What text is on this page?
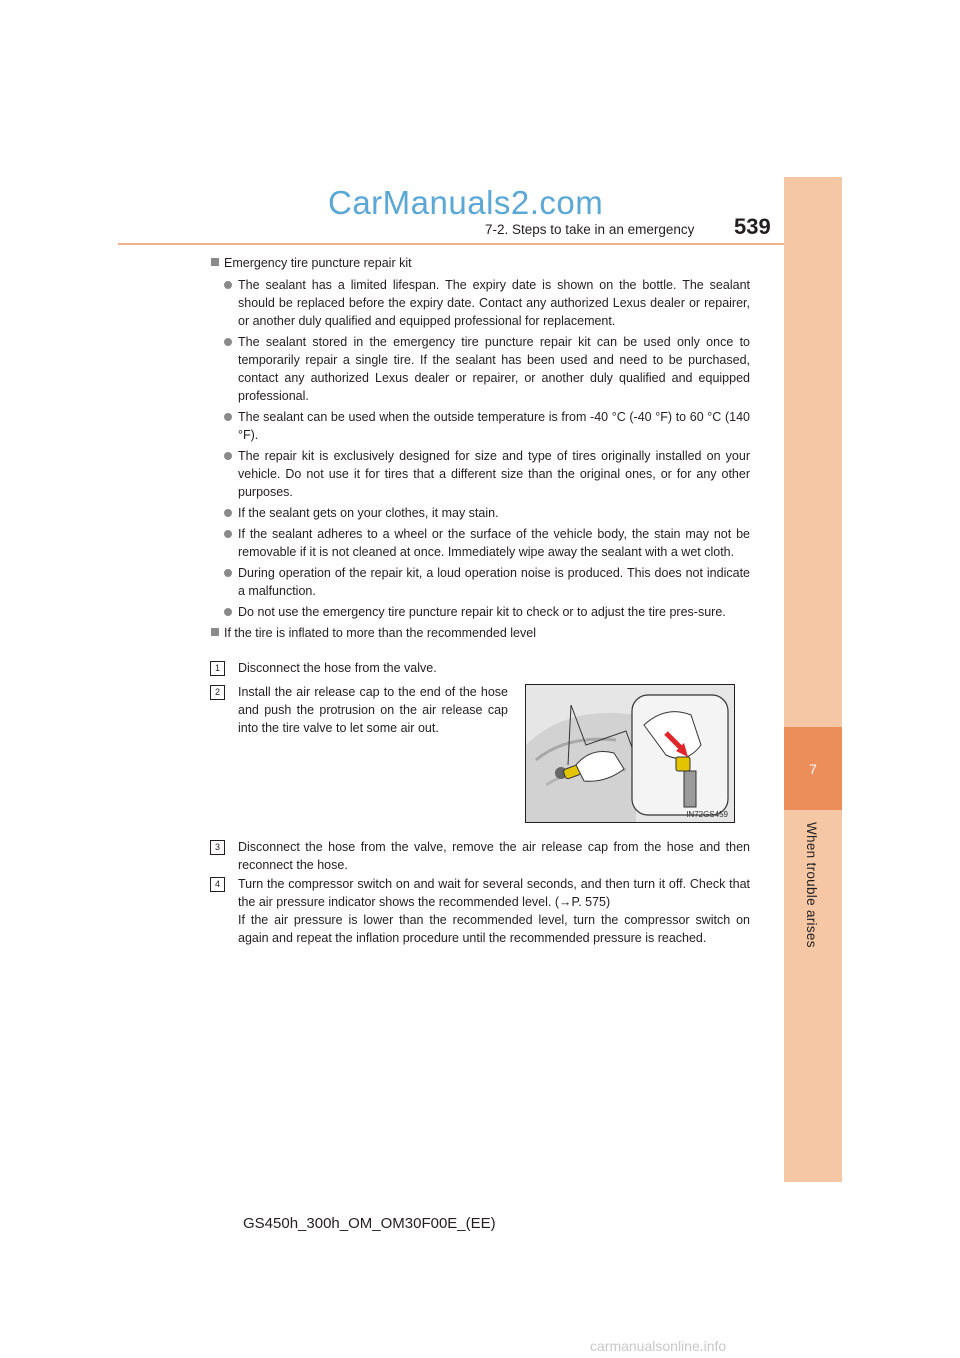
7
When trouble arises
CarManuals2.com
7-2. Steps to take in an emergency 539
Emergency tire puncture repair kit
The sealant has a limited lifespan. The expiry date is shown on the bottle. The sealant should be replaced before the expiry date. Contact any authorized Lexus dealer or repairer, or another duly qualified and equipped professional for replacement.
The sealant stored in the emergency tire puncture repair kit can be used only once to temporarily repair a single tire. If the sealant has been used and need to be purchased, contact any authorized Lexus dealer or repairer, or another duly qualified and equipped professional.
The sealant can be used when the outside temperature is from -40 °C (-40 °F) to 60 °C (140 °F).
The repair kit is exclusively designed for size and type of tires originally installed on your vehicle. Do not use it for tires that a different size than the original ones, or for any other purposes.
If the sealant gets on your clothes, it may stain.
If the sealant adheres to a wheel or the surface of the vehicle body, the stain may not be removable if it is not cleaned at once. Immediately wipe away the sealant with a wet cloth.
During operation of the repair kit, a loud operation noise is produced. This does not indicate a malfunction.
Do not use the emergency tire puncture repair kit to check or to adjust the tire pres-sure.
If the tire is inflated to more than the recommended level
1	Disconnect the hose from the valve.
2	Install the air release cap to the end of the hose and push the protrusion on the air release cap into the tire valve to let some air out.
IN72GS459
3	Disconnect the hose from the valve, remove the air release cap from the hose and then reconnect the hose.
4	Turn the compressor switch on and wait for several seconds, and then turn it off. Check that the air pressure indicator shows the recommended level. (→P. 575)
If the air pressure is lower than the recommended level, turn the compressor switch on again and repeat the inflation procedure until the recommended pressure is reached.
GS450h_300h_OM_OM30F00E_(EE)
carmanualsonline.info
